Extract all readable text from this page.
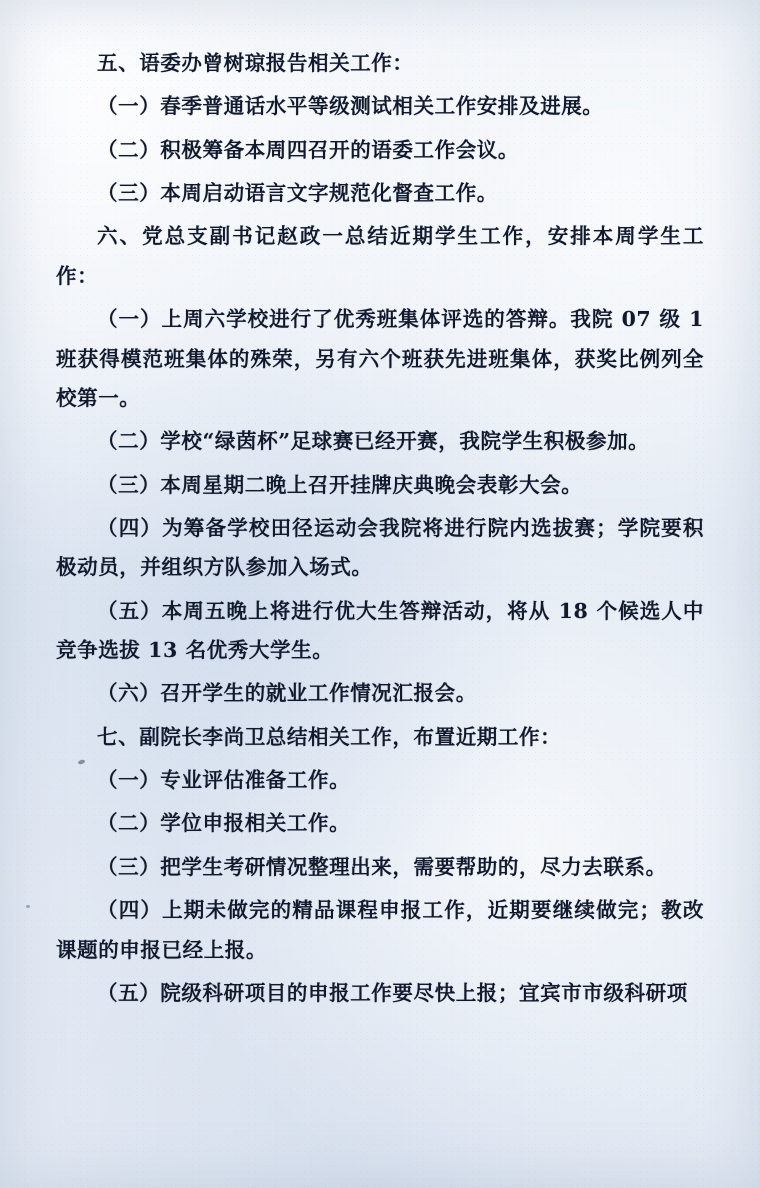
五、语委办曾树琼报告相关工作：

（一）春季普通话水平等级测试相关工作安排及进展。

（二）积极筹备本周四召开的语委工作会议。

（三）本周启动语言文字规范化督查工作。

六、党总支副书记赵政一总结近期学生工作，安排本周学生工作：

（一）上周六学校进行了优秀班集体评选的答辩。我院 07 级 1 班获得模范班集体的殊荣，另有六个班获先进班集体，获奖比例列全校第一。

（二）学校“绿茵杯”足球赛已经开赛，我院学生积极参加。

（三）本周星期二晚上召开挂牌庆典晚会表彰大会。

（四）为筹备学校田径运动会我院将进行院内选拔赛；学院要积极动员，并组织方队参加入场式。

（五）本周五晚上将进行优大生答辩活动，将从 18 个候选人中竞争选拔 13 名优秀大学生。

（六）召开学生的就业工作情况汇报会。

七、副院长李尚卫总结相关工作，布置近期工作：

（一）专业评估准备工作。

（二）学位申报相关工作。

（三）把学生考研情况整理出来，需要帮助的，尽力去联系。

（四）上期未做完的精品课程申报工作，近期要继续做完；教改课题的申报已经上报。

（五）院级科研项目的申报工作要尽快上报；宜宾市市级科研项
